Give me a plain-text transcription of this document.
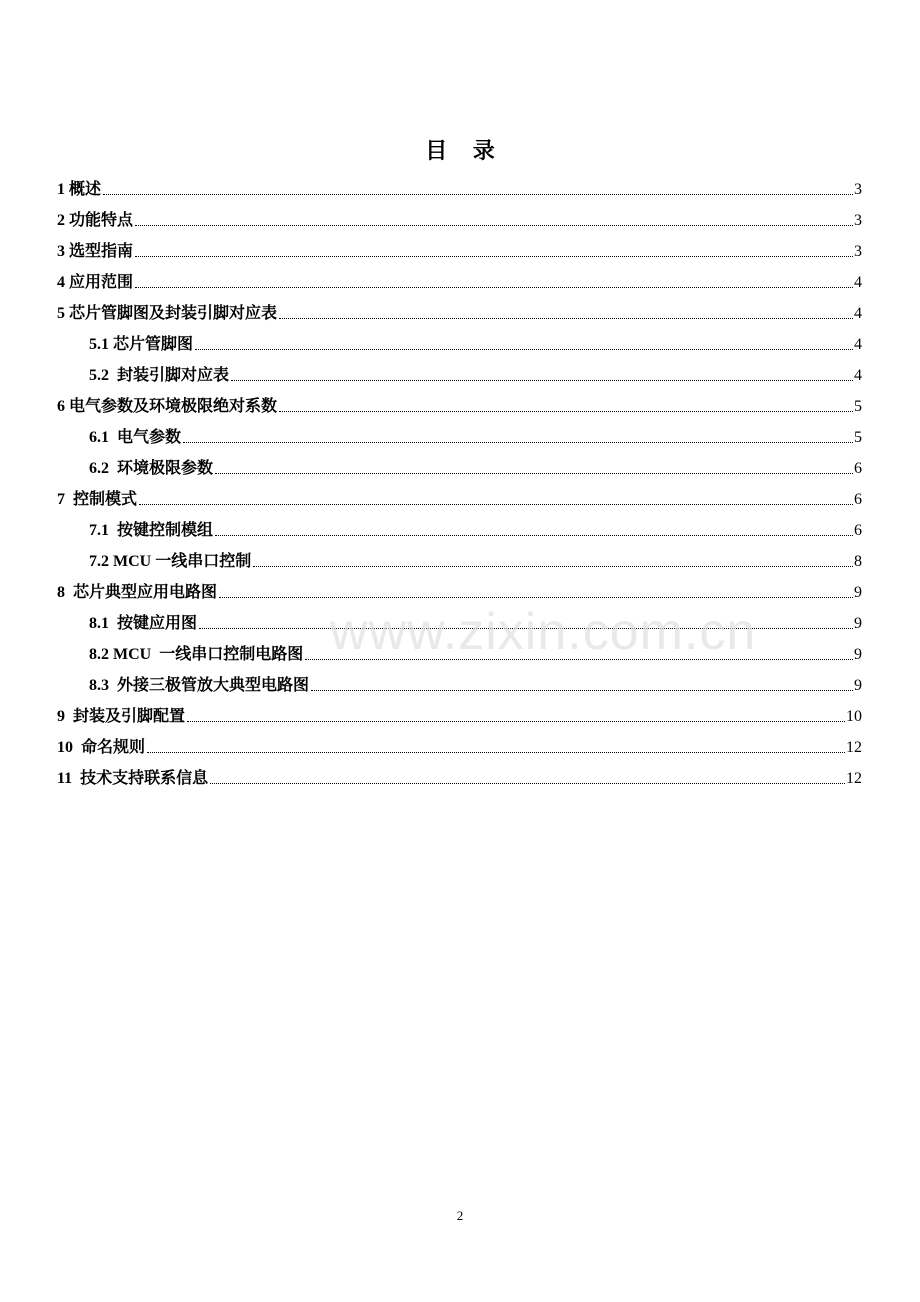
目 录
1 概述	3
2 功能特点	3
3 选型指南	3
4 应用范围	4
5 芯片管脚图及封装引脚对应表	4
5.1 芯片管脚图	4
5.2  封装引脚对应表	4
6 电气参数及环境极限绝对系数	5
6.1  电气参数	5
6.2  环境极限参数	6
7  控制模式	6
7.1  按键控制模组	6
7.2 MCU 一线串口控制	8
8  芯片典型应用电路图	9
8.1  按键应用图	9
8.2 MCU  一线串口控制电路图	9
8.3  外接三极管放大典型电路图	9
9  封装及引脚配置	10
10  命名规则	12
11  技术支持联系信息	12
www.zixin.com.cn
2
